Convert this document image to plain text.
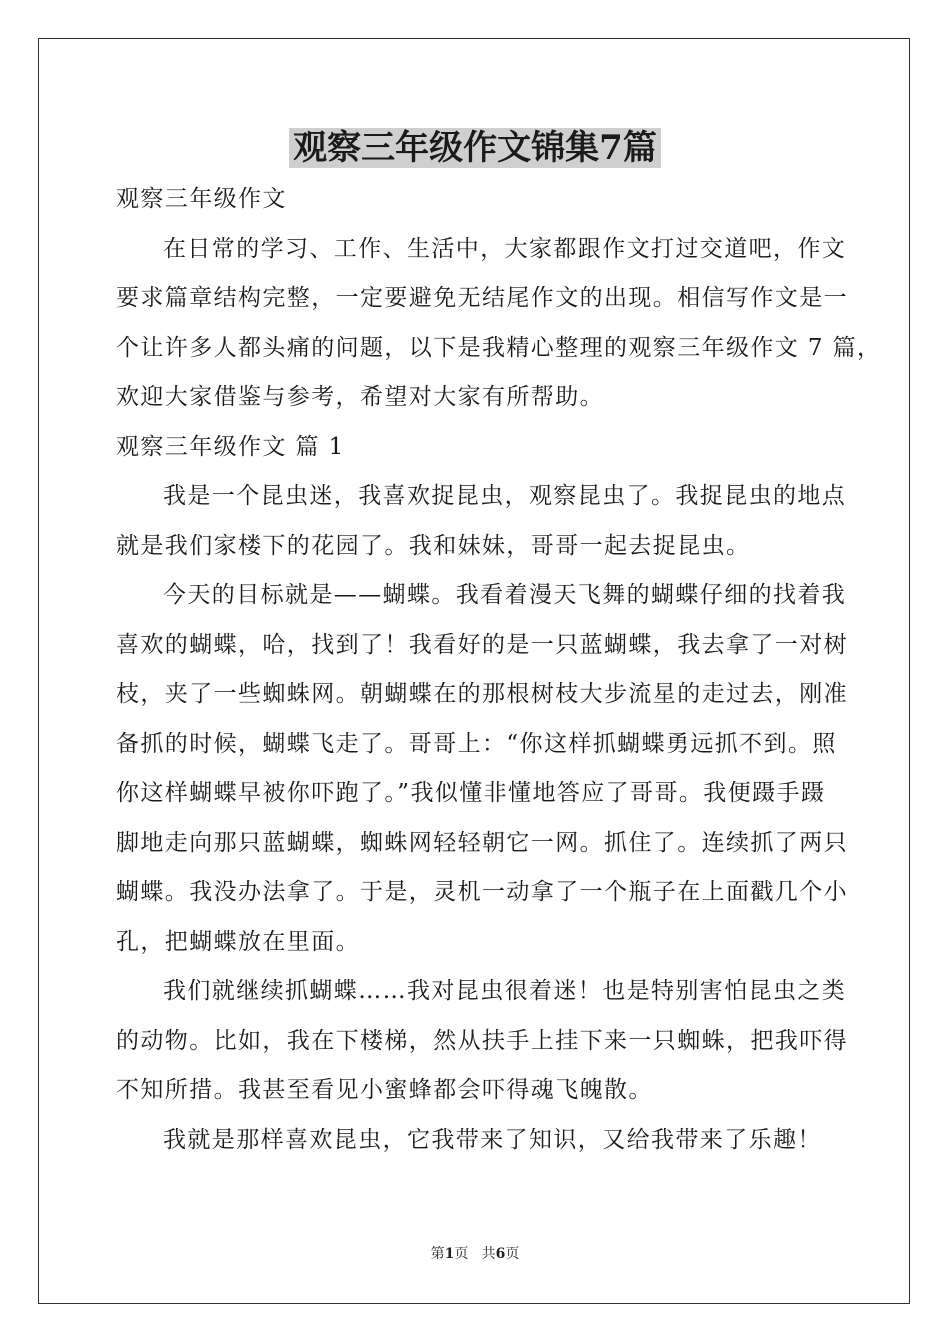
观察三年级作文锦集7篇

观察三年级作文

在日常的学习、工作、生活中，大家都跟作文打过交道吧，作文

要求篇章结构完整，一定要避免无结尾作文的出现。相信写作文是一

个让许多人都头痛的问题，以下是我精心整理的观察三年级作文 7 篇，

欢迎大家借鉴与参考，希望对大家有所帮助。

观察三年级作文 篇 1

我是一个昆虫迷，我喜欢捉昆虫，观察昆虫了。我捉昆虫的地点

就是我们家楼下的花园了。我和妹妹，哥哥一起去捉昆虫。

今天的目标就是——蝴蝶。我看着漫天飞舞的蝴蝶仔细的找着我

喜欢的蝴蝶，哈，找到了！我看好的是一只蓝蝴蝶，我去拿了一对树

枝，夹了一些蜘蛛网。朝蝴蝶在的那根树枝大步流星的走过去，刚准

备抓的时候，蝴蝶飞走了。哥哥上：“你这样抓蝴蝶勇远抓不到。照

你这样蝴蝶早被你吓跑了。”我似懂非懂地答应了哥哥。我便蹑手蹑

脚地走向那只蓝蝴蝶，蜘蛛网轻轻朝它一网。抓住了。连续抓了两只

蝴蝶。我没办法拿了。于是，灵机一动拿了一个瓶子在上面戳几个小

孔，把蝴蝶放在里面。

我们就继续抓蝴蝶……我对昆虫很着迷！也是特别害怕昆虫之类

的动物。比如，我在下楼梯，然从扶手上挂下来一只蜘蛛，把我吓得

不知所措。我甚至看见小蜜蜂都会吓得魂飞魄散。

我就是那样喜欢昆虫，它我带来了知识，又给我带来了乐趣！

第1页 共6页
